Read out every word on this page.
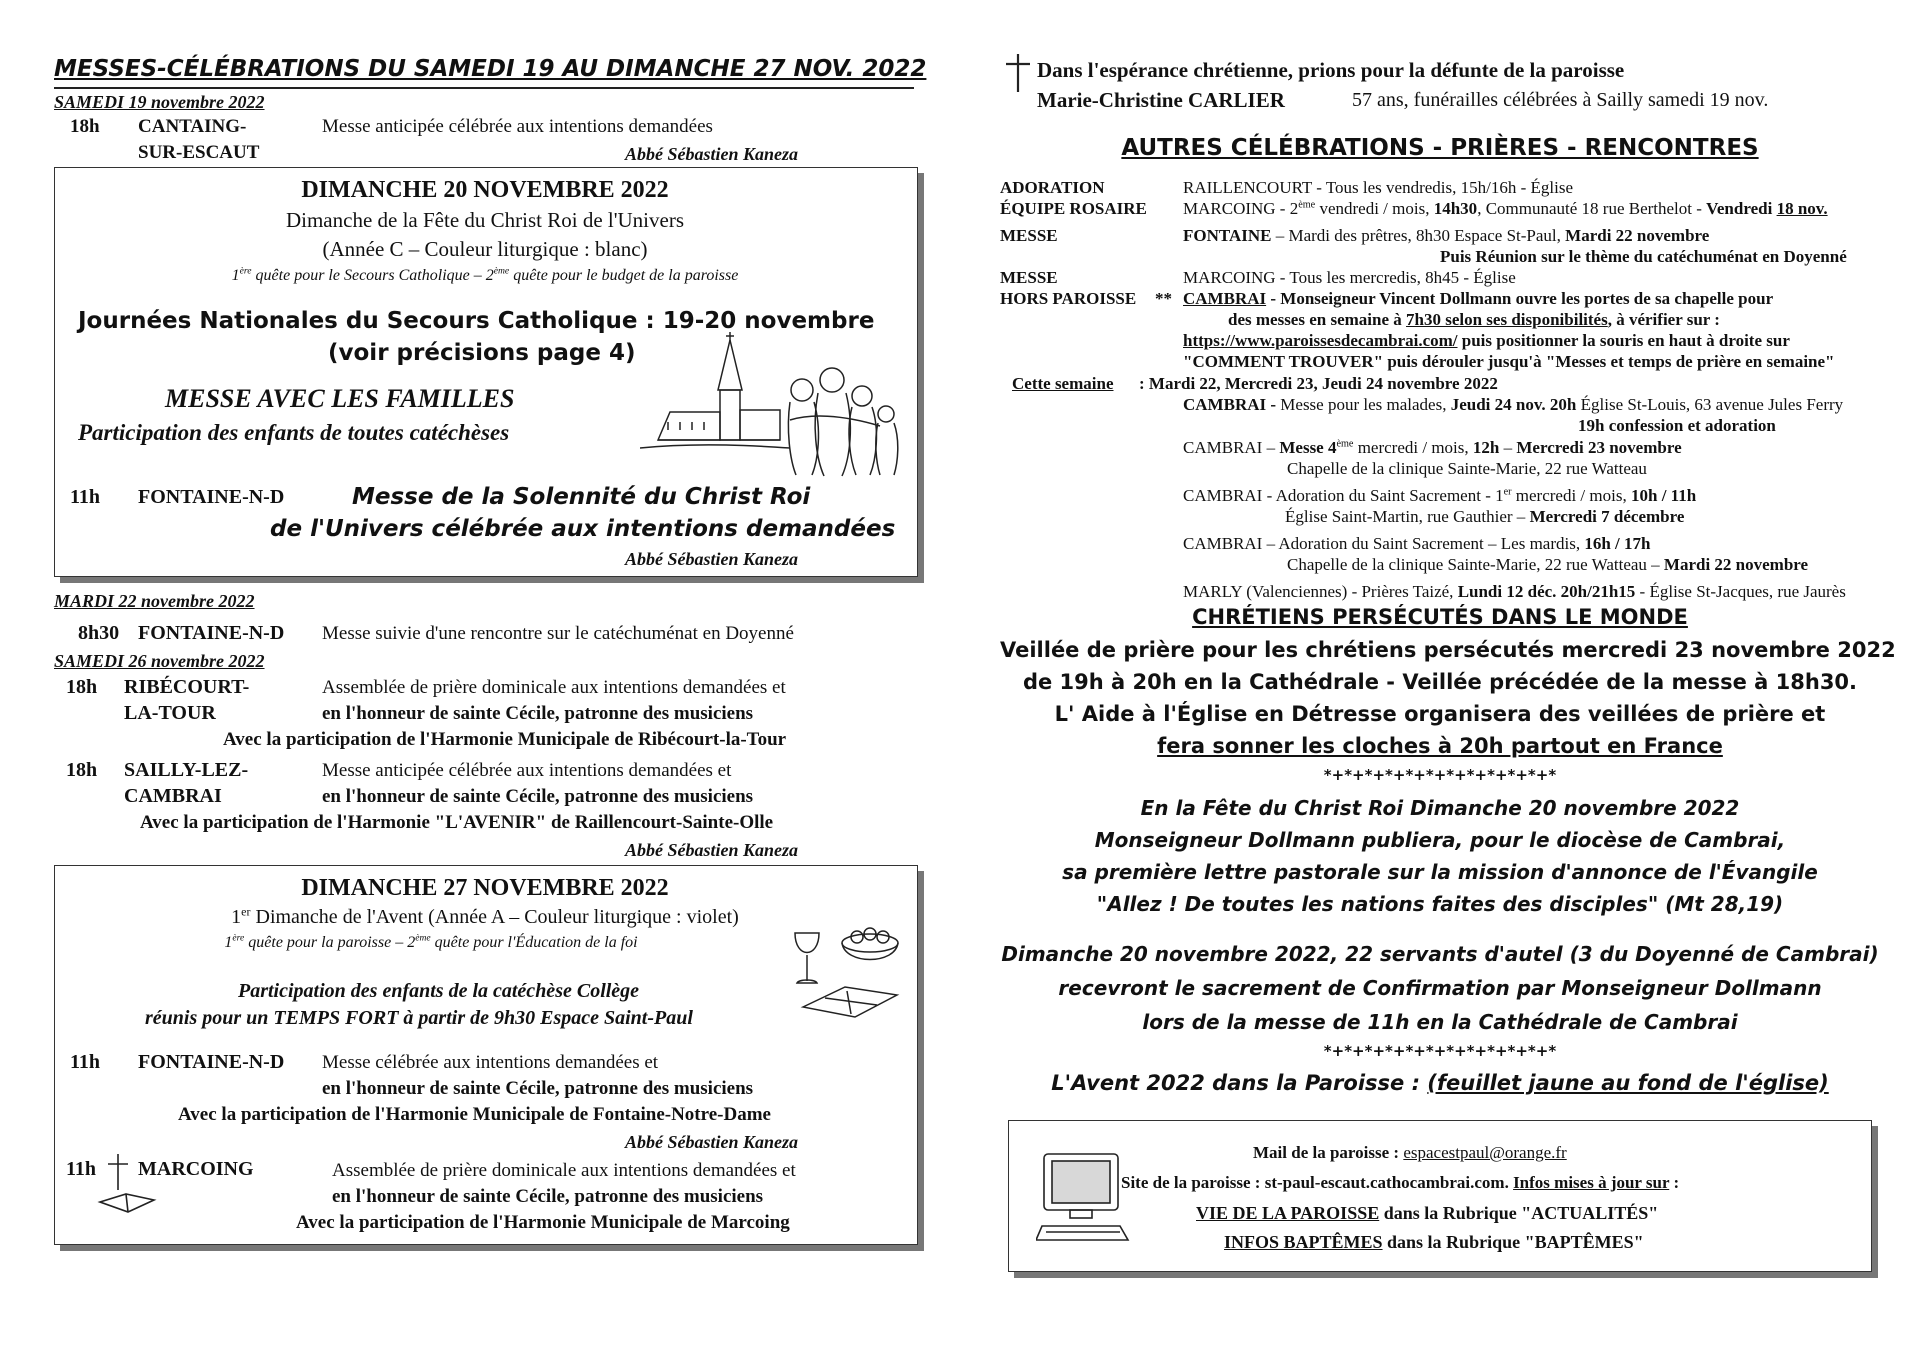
MESSES-CÉLÉBRATIONS DU SAMEDI 19 AU DIMANCHE 27 NOV. 2022
SAMEDI 19 novembre 2022
18h CANTAING-
SUR-ESCAUT
Messe anticipée célébrée aux intentions demandées
Abbé Sébastien Kaneza
DIMANCHE 20 NOVEMBRE 2022
Dimanche de la Fête du Christ Roi de l'Univers
(Année C – Couleur liturgique : blanc)
1ère quête pour le Secours Catholique – 2ème quête pour le budget de la paroisse
Journées Nationales du Secours Catholique : 19-20 novembre
(voir précisions page 4)
MESSE AVEC LES FAMILLES
Participation des enfants de toutes catéchèses
11h FONTAINE-N-D	Messe de la Solennité du Christ Roi
de l'Univers célébrée aux intentions demandées
Abbé Sébastien Kaneza
MARDI 22 novembre 2022
8h30 FONTAINE-N-D Messe suivie d'une rencontre sur le catéchuménat en Doyenné
SAMEDI 26 novembre 2022
18h RIBÉCOURT-
LA-TOUR
Assemblée de prière dominicale aux intentions demandées et
en l'honneur de sainte Cécile, patronne des musiciens
Avec la participation de l'Harmonie Municipale de Ribécourt-la-Tour
18h SAILLY-LEZ-
CAMBRAI
Messe anticipée célébrée aux intentions demandées et
en l'honneur de sainte Cécile, patronne des musiciens
Avec la participation de l'Harmonie "L'AVENIR" de Raillencourt-Sainte-Olle
Abbé Sébastien Kaneza
DIMANCHE 27 NOVEMBRE 2022
1er Dimanche de l'Avent (Année A – Couleur liturgique : violet)
1ère quête pour la paroisse – 2ème quête pour l'Éducation de la foi
Participation des enfants de la catéchèse Collège
réunis pour un TEMPS FORT à partir de 9h30 Espace Saint-Paul
11h FONTAINE-N-D Messe célébrée aux intentions demandées et
en l'honneur de sainte Cécile, patronne des musiciens
Avec la participation de l'Harmonie Municipale de Fontaine-Notre-Dame
Abbé Sébastien Kaneza
11h MARCOING	Assemblée de prière dominicale aux intentions demandées et
en l'honneur de sainte Cécile, patronne des musiciens
Avec la participation de l'Harmonie Municipale de Marcoing
Dans l'espérance chrétienne, prions pour la défunte de la paroisse
Marie-Christine CARLIER	57 ans, funérailles célébrées à Sailly samedi 19 nov.
AUTRES CÉLÉBRATIONS - PRIÈRES - RENCONTRES
ADORATION	RAILLENCOURT - Tous les vendredis, 15h/16h - Église
ÉQUIPE ROSAIRE MARCOING - 2ème vendredi / mois, 14h30, Communauté 18 rue Berthelot - Vendredi 18 nov.
MESSE	FONTAINE – Mardi des prêtres, 8h30 Espace St-Paul, Mardi 22 novembre
Puis Réunion sur le thème du catéchuménat en Doyenné
MESSE	MARCOING - Tous les mercredis, 8h45 - Église
HORS PAROISSE ** CAMBRAI - Monseigneur Vincent Dollmann ouvre les portes de sa chapelle pour
des messes en semaine à 7h30 selon ses disponibilités, à vérifier sur :
https://www.paroissesdecambrai.com/ puis positionner la souris en haut à droite sur
"COMMENT TROUVER" puis dérouler jusqu'à "Messes et temps de prière en semaine"
Cette semaine : Mardi 22, Mercredi 23, Jeudi 24 novembre 2022
CAMBRAI - Messe pour les malades, Jeudi 24 nov. 20h Église St-Louis, 63 avenue Jules Ferry
19h confession et adoration
CAMBRAI – Messe 4ème mercredi / mois, 12h – Mercredi 23 novembre
Chapelle de la clinique Sainte-Marie, 22 rue Watteau
CAMBRAI - Adoration du Saint Sacrement - 1er mercredi / mois, 10h / 11h
Église Saint-Martin, rue Gauthier – Mercredi 7 décembre
CAMBRAI – Adoration du Saint Sacrement – Les mardis, 16h / 17h
Chapelle de la clinique Sainte-Marie, 22 rue Watteau – Mardi 22 novembre
MARLY (Valenciennes) - Prières Taizé, Lundi 12 déc. 20h/21h15 - Église St-Jacques, rue Jaurès
CHRÉTIENS PERSÉCUTÉS DANS LE MONDE
Veillée de prière pour les chrétiens persécutés mercredi 23 novembre 2022
de 19h à 20h en la Cathédrale - Veillée précédée de la messe à 18h30.
L' Aide à l'Église en Détresse organisera des veillées de prière et
fera sonner les cloches à 20h partout en France
*+*+*+*+*+*+*+*+*+*+*+*
En la Fête du Christ Roi Dimanche 20 novembre 2022
Monseigneur Dollmann publiera, pour le diocèse de Cambrai,
sa première lettre pastorale sur la mission d'annonce de l'Évangile
"Allez ! De toutes les nations faites des disciples" (Mt 28,19)
Dimanche 20 novembre 2022, 22 servants d'autel (3 du Doyenné de Cambrai)
recevront le sacrement de Confirmation par Monseigneur Dollmann
lors de la messe de 11h en la Cathédrale de Cambrai
*+*+*+*+*+*+*+*+*+*+*+*
L'Avent 2022 dans la Paroisse : (feuillet jaune au fond de l'église)
Mail de la paroisse : espacestpaul@orange.fr
Site de la paroisse : st-paul-escaut.cathocambrai.com. Infos mises à jour sur :
VIE DE LA PAROISSE dans la Rubrique "ACTUALITÉS"
INFOS BAPTÊMES dans la Rubrique "BAPTÊMES"
